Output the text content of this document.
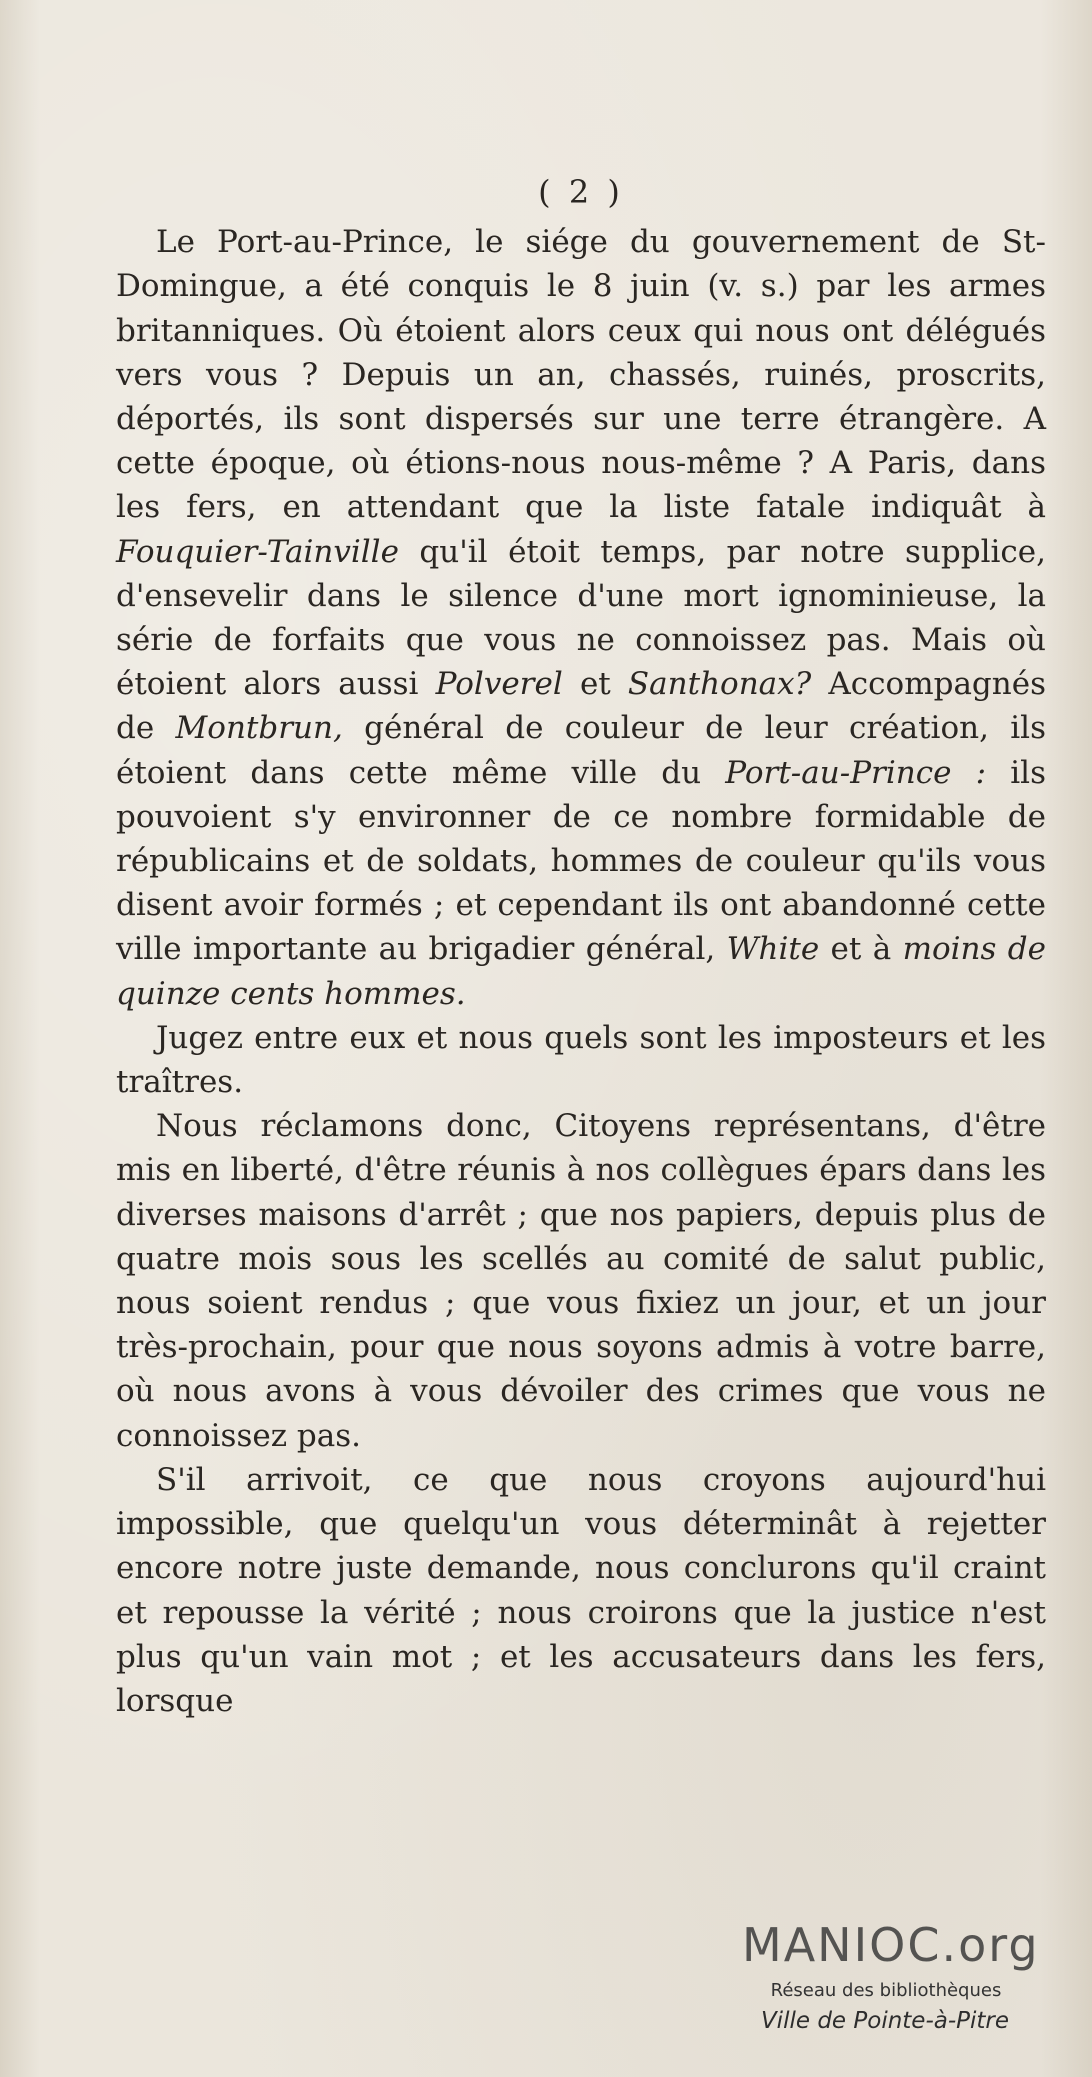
( 2 )

Le Port-au-Prince, le siége du gouvernement de St-Domingue, a été conquis le 8 juin (v. s.) par les armes britanniques. Où étoient alors ceux qui nous ont délégués vers vous ? Depuis un an, chassés, ruinés, proscrits, déportés, ils sont dispersés sur une terre étrangère. A cette époque, où étions-nous nous-même ? A Paris, dans les fers, en attendant que la liste fatale indiquât à Fouquier-Tainville qu'il étoit temps, par notre supplice, d'ensevelir dans le silence d'une mort ignominieuse, la série de forfaits que vous ne connoissez pas. Mais où étoient alors aussi Polverel et Santhonax? Accompagnés de Montbrun, général de couleur de leur création, ils étoient dans cette même ville du Port-au-Prince : ils pouvoient s'y environner de ce nombre formidable de républicains et de soldats, hommes de couleur qu'ils vous disent avoir formés ; et cependant ils ont abandonné cette ville importante au brigadier général, White et à moins de quinze cents hommes.

Jugez entre eux et nous quels sont les imposteurs et les traîtres.

Nous réclamons donc, Citoyens représentans, d'être mis en liberté, d'être réunis à nos collègues épars dans les diverses maisons d'arrêt ; que nos papiers, depuis plus de quatre mois sous les scellés au comité de salut public, nous soient rendus ; que vous fixiez un jour, et un jour très-prochain, pour que nous soyons admis à votre barre, où nous avons à vous dévoiler des crimes que vous ne connoissez pas.

S'il arrivoit, ce que nous croyons aujourd'hui impossible, que quelqu'un vous déterminât à rejetter encore notre juste demande, nous conclurons qu'il craint et repousse la vérité ; nous croirons que la justice n'est plus qu'un vain mot ; et les accusateurs dans les fers, lorsque

MANIOC.org
Réseau des bibliothèques
Ville de Pointe-à-Pitre
